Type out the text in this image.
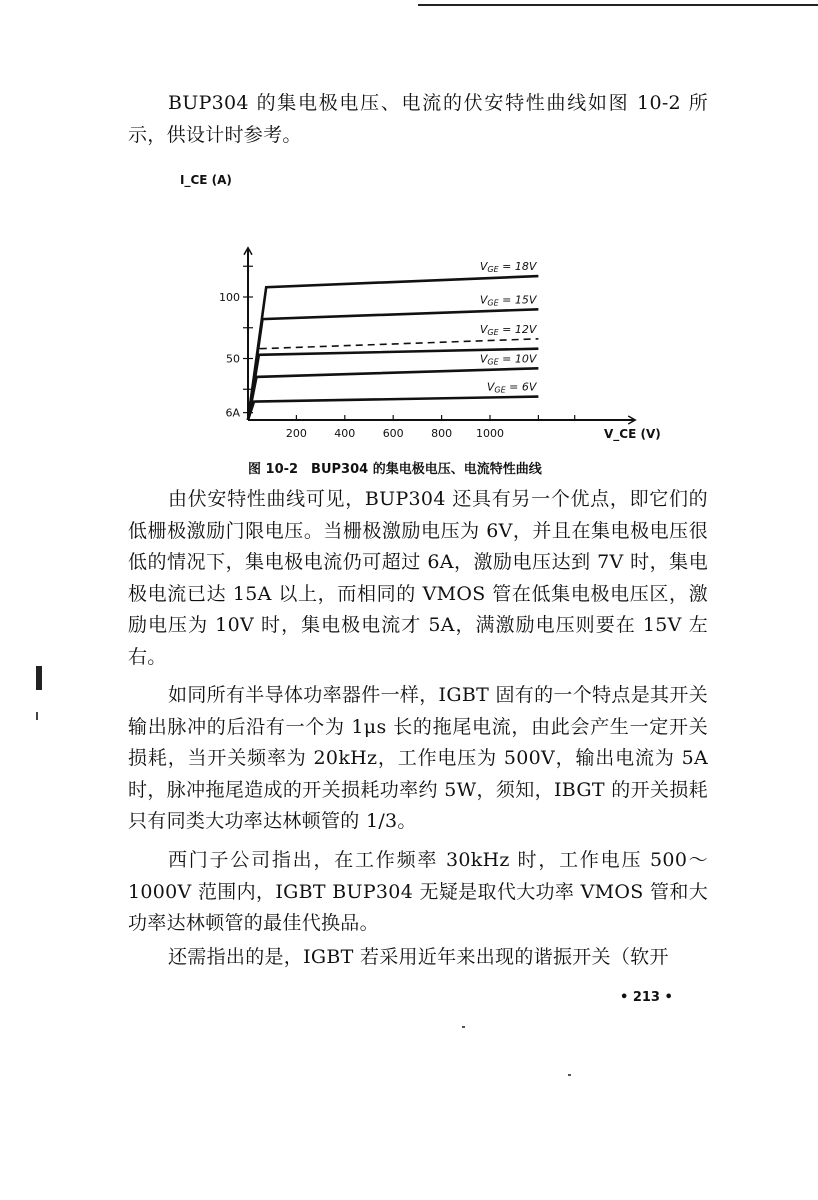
BUP304 的集电极电压、电流的伏安特性曲线如图 10-2 所示，供设计时参考。

200 400 600 800 1000
6A
50
100
I_CE (A)
V_CE (V)
VGE = 18V
VGE = 15V
VGE = 12V
VGE = 10V
VGE = 6V
图 10-2　BUP304 的集电极电压、电流特性曲线

由伏安特性曲线可见，BUP304 还具有另一个优点，即它们的低栅极激励门限电压。当栅极激励电压为 6V，并且在集电极电压很低的情况下，集电极电流仍可超过 6A，激励电压达到 7V 时，集电极电流已达 15A 以上，而相同的 VMOS 管在低集电极电压区，激励电压为 10V 时，集电极电流才 5A，满激励电压则要在 15V 左右。

如同所有半导体功率器件一样，IGBT 固有的一个特点是其开关输出脉冲的后沿有一个为 1μs 长的拖尾电流，由此会产生一定开关损耗，当开关频率为 20kHz，工作电压为 500V，输出电流为 5A 时，脉冲拖尾造成的开关损耗功率约 5W，须知，IBGT 的开关损耗只有同类大功率达林顿管的 1/3。

西门子公司指出，在工作频率 30kHz 时，工作电压 500～1000V 范围内，IGBT BUP304 无疑是取代大功率 VMOS 管和大功率达林顿管的最佳代换品。

还需指出的是，IGBT 若采用近年来出现的谐振开关（软开

• 213 •
